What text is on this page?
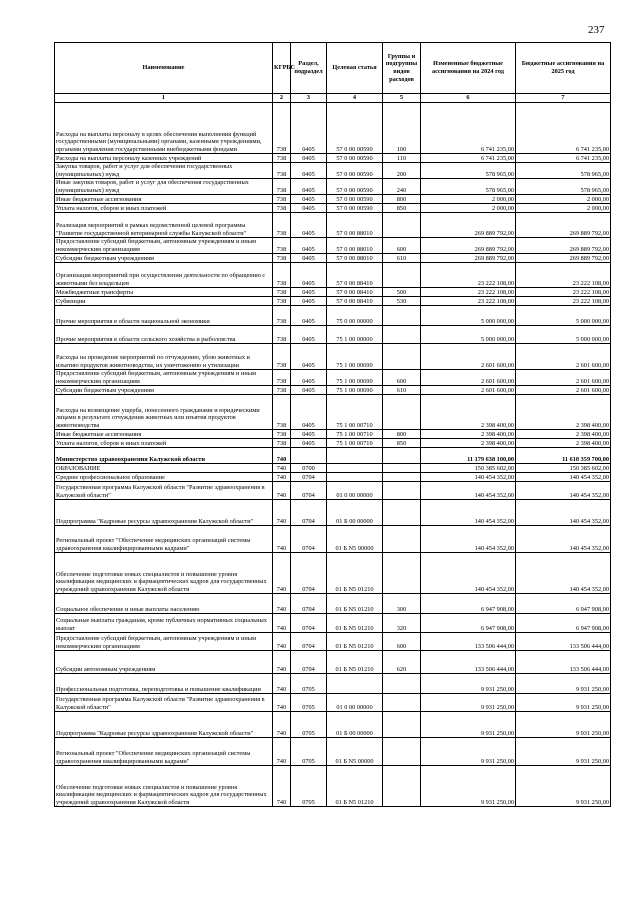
237
Наименование	КГРБС	Раздел, подраздел	Целевая статья	Группы и подгруппы видов расходов	Измененные бюджетные ассигнования на 2024 год	Бюджетные ассигнования на 2025 год
1	2	3	4	5	6	7
Расходы на выплаты персоналу в целях обеспечения выполнения функций государственными (муниципальными) органами, казенными учреждениями, органами управления государственными внебюджетными фондами	738	0405	57 0 00 00590	100	6 741 235,00	6 741 235,00
Расходы на выплаты персоналу казенных учреждений	738	0405	57 0 00 00590	110	6 741 235,00	6 741 235,00
Закупка товаров, работ и услуг для обеспечения государственных (муниципальных) нужд	738	0405	57 0 00 00590	200	578 965,00	578 965,00
Иные закупки товаров, работ и услуг для обеспечения государственных (муниципальных) нужд	738	0405	57 0 00 00590	240	578 965,00	578 965,00
Иные бюджетные ассигнования	738	0405	57 0 00 00590	800	2 000,00	2 000,00
Уплата налогов, сборов и иных платежей	738	0405	57 0 00 00590	850	2 000,00	2 000,00
Реализация мероприятий в рамках ведомственной целевой программы "Развитие государственной ветеринарной службы Калужской области"	738	0405	57 0 00 88010		269 889 792,00	269 889 792,00
Предоставление субсидий бюджетным, автономным учреждениям и иным некоммерческим организациям	738	0405	57 0 00 88010	600	269 889 792,00	269 889 792,00
Субсидии бюджетным учреждениям	738	0405	57 0 00 88010	610	269 889 792,00	269 889 792,00
Организация мероприятий при осуществлении деятельности по обращению с животными без владельцев	738	0405	57 0 00 88410		23 222 108,00	23 222 108,00
Межбюджетные трансферты	738	0405	57 0 00 88410	500	23 222 108,00	23 222 108,00
Субвенции	738	0405	57 0 00 88410	530	23 222 108,00	23 222 108,00
Прочие мероприятия в области национальной экономики	738	0405	75 0 00 00000		5 000 000,00	5 000 000,00
Прочие мероприятия в области сельского хозяйства и рыболовства	738	0405	75 1 00 00000		5 000 000,00	5 000 000,00
Расходы на проведение мероприятий по отчуждению, убою животных и изъятию продуктов животноводства, их уничтожению и утилизации	738	0405	75 1 00 00690		2 601 600,00	2 601 600,00
Предоставление субсидий бюджетным, автономным учреждениям и иным некоммерческим организациям	738	0405	75 1 00 00690	600	2 601 600,00	2 601 600,00
Субсидии бюджетным учреждениям	738	0405	75 1 00 00690	610	2 601 600,00	2 601 600,00
Расходы на возмещение ущерба, понесенного гражданами и юридическими лицами в результате отчуждения животных или изъятия продуктов животноводства	738	0405	75 1 00 00710		2 398 400,00	2 398 400,00
Иные бюджетные ассигнования	738	0405	75 1 00 00710	800	2 398 400,00	2 398 400,00
Уплата налогов, сборов и иных платежей	738	0405	75 1 00 00710	850	2 398 400,00	2 398 400,00
Министерство здравоохранения Калужской области	740				11 179 638 100,00	11 618 359 700,00
ОБРАЗОВАНИЕ	740	0700			150 385 602,00	150 385 602,00
Среднее профессиональное образование	740	0704			140 454 352,00	140 454 352,00
Государственная программа Калужской области "Развитие здравоохранения в Калужской области"	740	0704	01 0 00 00000		140 454 352,00	140 454 352,00
Подпрограмма "Кадровые ресурсы здравоохранения Калужской области"	740	0704	01 Б 00 00000		140 454 352,00	140 454 352,00
Региональный проект "Обеспечение медицинских организаций системы здравоохранения квалифицированными кадрами"	740	0704	01 Б N5 00000		140 454 352,00	140 454 352,00
Обеспечение подготовки новых специалистов и повышение уровня квалификации медицинских и фармацевтических кадров для государственных учреждений здравоохранения Калужской области	740	0704	01 Б N5 01210		140 454 352,00	140 454 352,00
Социальное обеспечение и иные выплаты населению	740	0704	01 Б N5 01210	300	6 947 908,00	6 947 908,00
Социальные выплаты гражданам, кроме публичных нормативных социальных выплат	740	0704	01 Б N5 01210	320	6 947 908,00	6 947 908,00
Предоставление субсидий бюджетным, автономным учреждениям и иным некоммерческим организациям	740	0704	01 Б N5 01210	600	133 506 444,00	133 506 444,00
Субсидии автономным учреждениям	740	0704	01 Б N5 01210	620	133 506 444,00	133 506 444,00
Профессиональная подготовка, переподготовка и повышение квалификации	740	0705			9 931 250,00	9 931 250,00
Государственная программа Калужской области "Развитие здравоохранения в Калужской области"	740	0705	01 0 00 00000		9 931 250,00	9 931 250,00
Подпрограмма "Кадровые ресурсы здравоохранения Калужской области"	740	0705	01 Б 00 00000		9 931 250,00	9 931 250,00
Региональный проект "Обеспечение медицинских организаций системы здравоохранения квалифицированными кадрами"	740	0705	01 Б N5 00000		9 931 250,00	9 931 250,00
Обеспечение подготовки новых специалистов и повышение уровня квалификации медицинских и фармацевтических кадров для государственных учреждений здравоохранения Калужской области	740	0705	01 Б N5 01210		9 931 250,00	9 931 250,00
